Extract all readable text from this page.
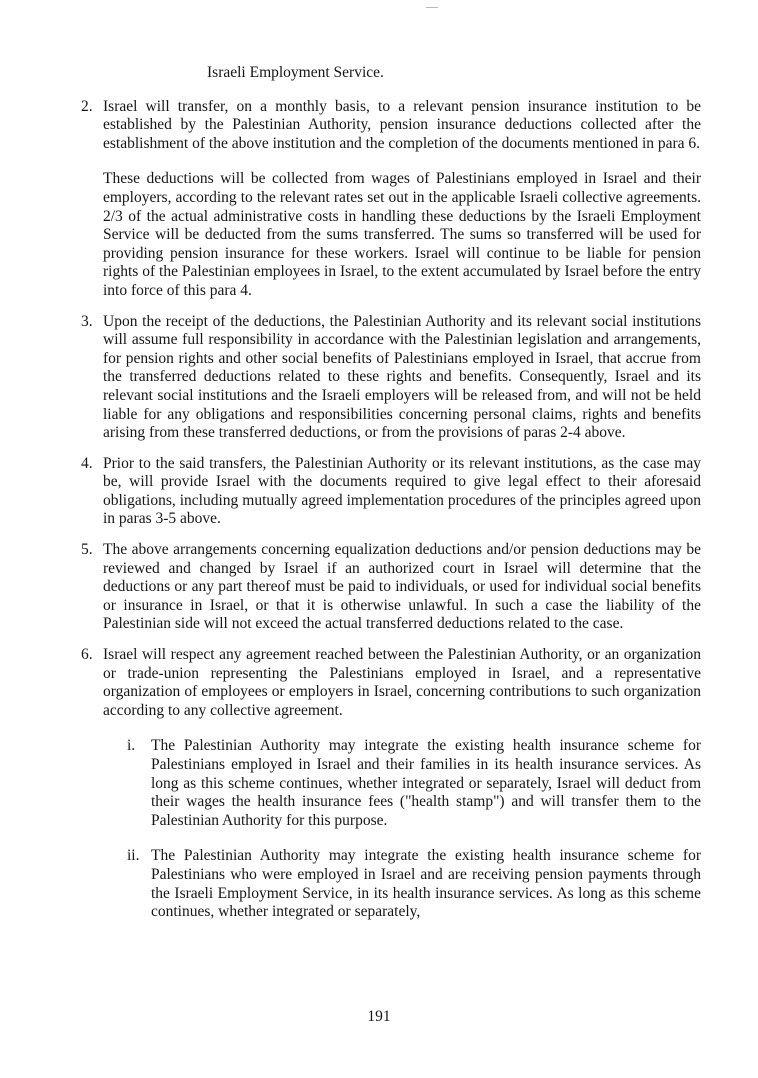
Israeli Employment Service.
2. Israel will transfer, on a monthly basis, to a relevant pension insurance institution to be established by the Palestinian Authority, pension insurance deductions collected after the establishment of the above institution and the completion of the documents mentioned in para 6.
These deductions will be collected from wages of Palestinians employed in Israel and their employers, according to the relevant rates set out in the applicable Israeli collective agreements. 2/3 of the actual administrative costs in handling these deductions by the Israeli Employment Service will be deducted from the sums transferred. The sums so transferred will be used for providing pension insurance for these workers. Israel will continue to be liable for pension rights of the Palestinian employees in Israel, to the extent accumulated by Israel before the entry into force of this para 4.
3. Upon the receipt of the deductions, the Palestinian Authority and its relevant social institutions will assume full responsibility in accordance with the Palestinian legislation and arrangements, for pension rights and other social benefits of Palestinians employed in Israel, that accrue from the transferred deductions related to these rights and benefits. Consequently, Israel and its relevant social institutions and the Israeli employers will be released from, and will not be held liable for any obligations and responsibilities concerning personal claims, rights and benefits arising from these transferred deductions, or from the provisions of paras 2-4 above.
4. Prior to the said transfers, the Palestinian Authority or its relevant institutions, as the case may be, will provide Israel with the documents required to give legal effect to their aforesaid obligations, including mutually agreed implementation procedures of the principles agreed upon in paras 3-5 above.
5. The above arrangements concerning equalization deductions and/or pension deductions may be reviewed and changed by Israel if an authorized court in Israel will determine that the deductions or any part thereof must be paid to individuals, or used for individual social benefits or insurance in Israel, or that it is otherwise unlawful. In such a case the liability of the Palestinian side will not exceed the actual transferred deductions related to the case.
6. Israel will respect any agreement reached between the Palestinian Authority, or an organization or trade-union representing the Palestinians employed in Israel, and a representative organization of employees or employers in Israel, concerning contributions to such organization according to any collective agreement.
i.	The Palestinian Authority may integrate the existing health insurance scheme for Palestinians employed in Israel and their families in its health insurance services. As long as this scheme continues, whether integrated or separately, Israel will deduct from their wages the health insurance fees ("health stamp") and will transfer them to the Palestinian Authority for this purpose.
ii. The Palestinian Authority may integrate the existing health insurance scheme for Palestinians who were employed in Israel and are receiving pension payments through the Israeli Employment Service, in its health insurance services. As long as this scheme continues, whether integrated or separately,
191
